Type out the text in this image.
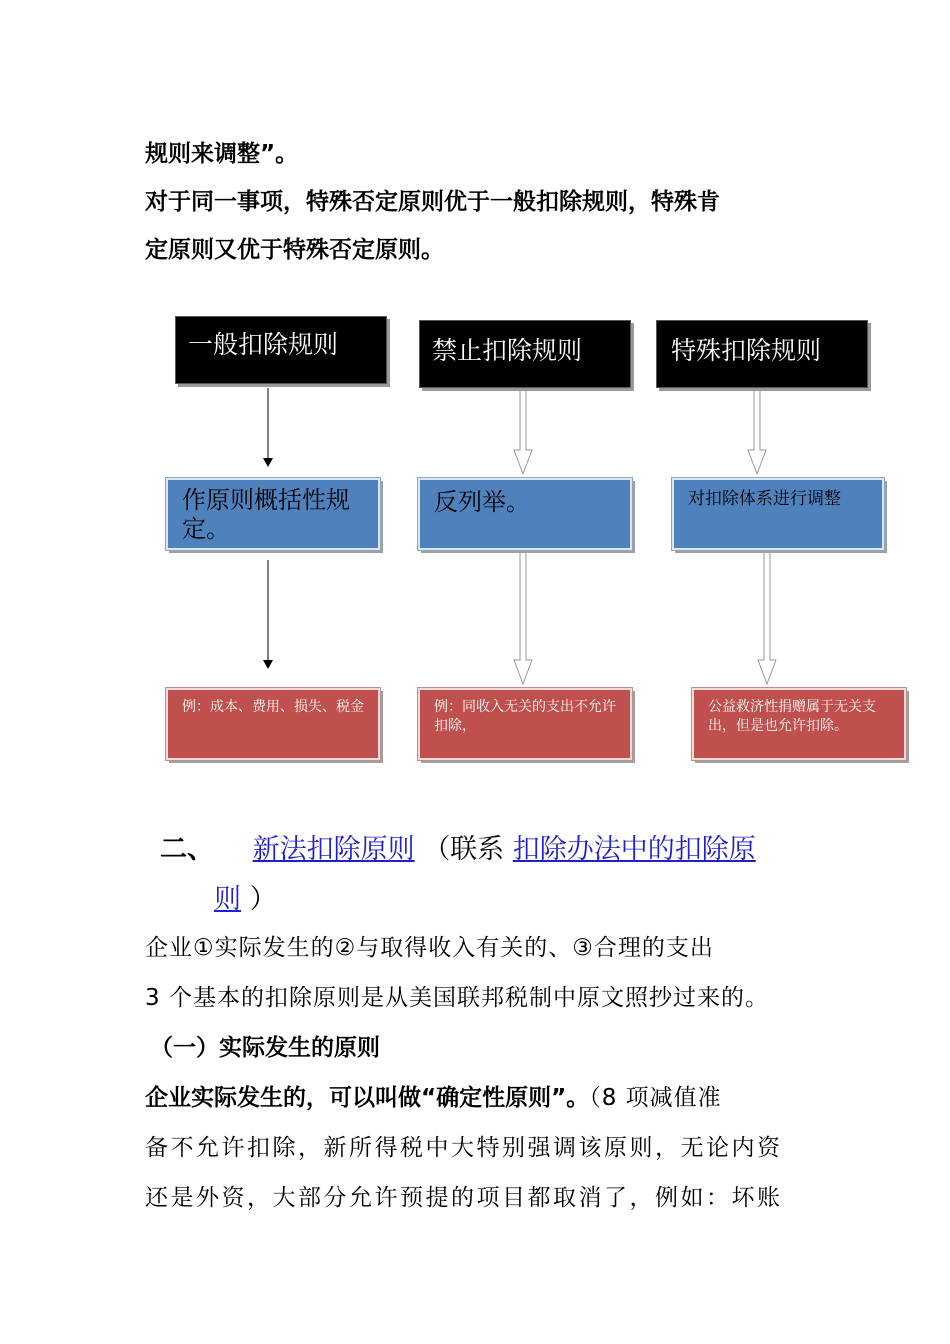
规则来调整”。
对于同一事项，特殊否定原则优于一般扣除规则，特殊肯
定原则又优于特殊否定原则。
一般扣除规则	禁止扣除规则	特殊扣除规则
作原则概括性规定。
反列举。	对扣除体系进行调整
例：成本、费用、损失、税金	例：同收入无关的支出不允许扣除，
公益救济性捐赠属于无关支出，但是也允许扣除。
二、 新法扣除原则 （联系 扣除办法中的扣除原
则 ）
企业①实际发生的②与取得收入有关的、③合理的支出
3 个基本的扣除原则是从美国联邦税制中原文照抄过来的。
（一）实际发生的原则
企业实际发生的，可以叫做“确定性原则”。（8 项减值准
备不允许扣除，新所得税中大特别强调该原则，无论内资
还是外资，大部分允许预提的项目都取消了，例如：坏账
